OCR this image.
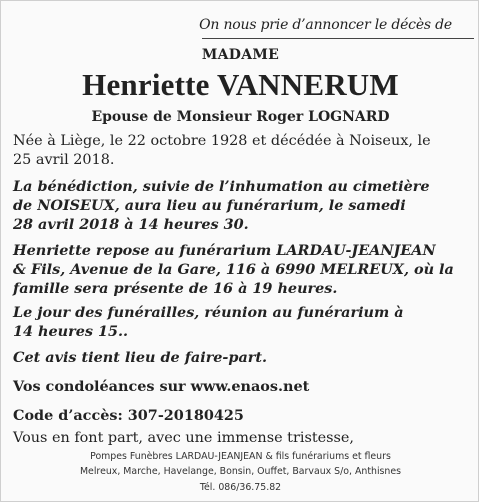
On nous prie d’annoncer le décès de
MADAME
Henriette VANNERUM
Epouse de Monsieur Roger LOGNARD
Née à Liège, le 22 octobre 1928 et décédée à Noiseux, le
25 avril 2018.
La bénédiction, suivie de l’inhumation au cimetière
de NOISEUX, aura lieu au funérarium, le samedi
28 avril 2018 à 14 heures 30.
Henriette repose au funérarium LARDAU-JEANJEAN
& Fils, Avenue de la Gare, 116 à 6990 MELREUX, où la
famille sera présente de 16 à 19 heures.
Le jour des funérailles, réunion au funérarium à
14 heures 15..
Cet avis tient lieu de faire-part.
Vos condoléances sur www.enaos.net
Code d’accès: 307-20180425
Vous en font part, avec une immense tristesse,
Pompes Funèbres LARDAU-JEANJEAN & fils funérariums et fleurs
Melreux, Marche, Havelange, Bonsin, Ouffet, Barvaux S/o, Anthisnes
Tél. 086/36.75.82
